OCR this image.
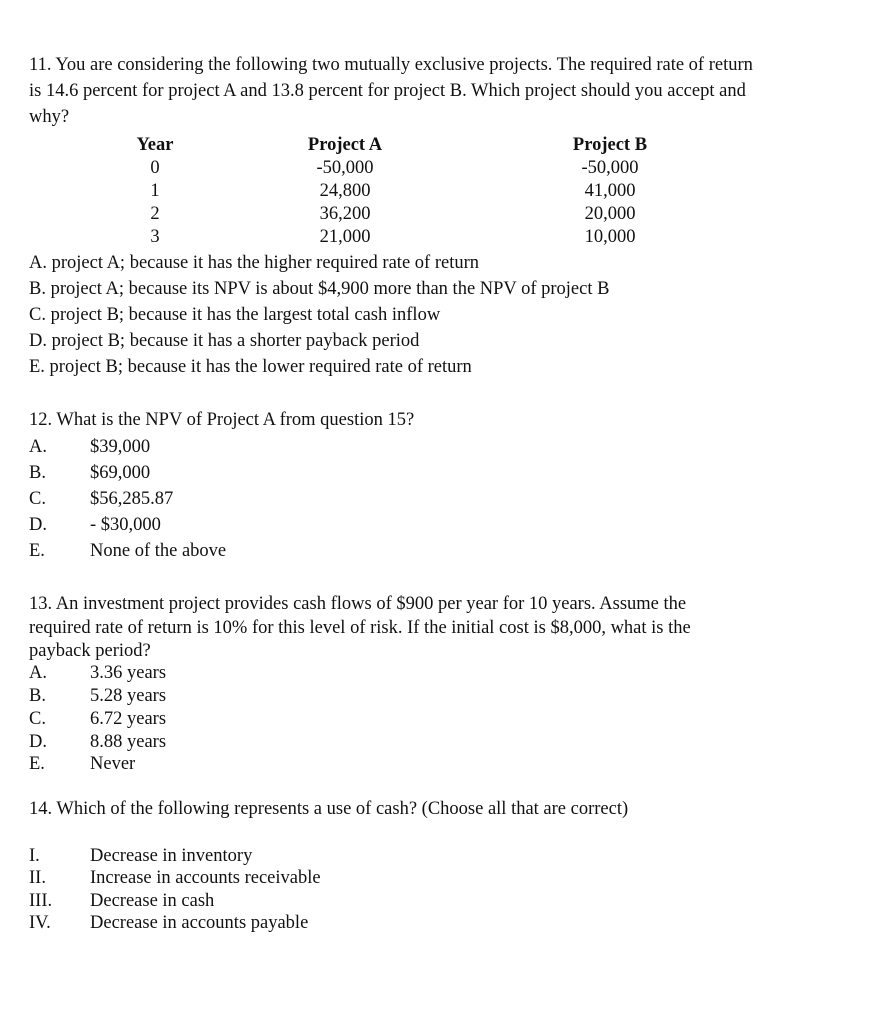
11. You are considering the following two mutually exclusive projects. The required rate of return
is 14.6 percent for project A and 13.8 percent for project B. Which project should you accept and
why?
Year	Project A	Project B
0	-50,000	-50,000
1	24,800	41,000
2	36,200	20,000
3	21,000	10,000
A. project A; because it has the higher required rate of return
B. project A; because its NPV is about $4,900 more than the NPV of project B
C. project B; because it has the largest total cash inflow
D. project B; because it has a shorter payback period
E. project B; because it has the lower required rate of return
12. What is the NPV of Project A from question 15?
A. $39,000
B. $69,000
C. $56,285.87
D. - $30,000
E. None of the above
13. An investment project provides cash flows of $900 per year for 10 years. Assume the
required rate of return is 10% for this level of risk. If the initial cost is $8,000, what is the
payback period?
A. 3.36 years
B. 5.28 years
C. 6.72 years
D. 8.88 years
E. Never
14. Which of the following represents a use of cash? (Choose all that are correct)
I.	Decrease in inventory
II. Increase in accounts receivable
III. Decrease in cash
IV. Decrease in accounts payable
